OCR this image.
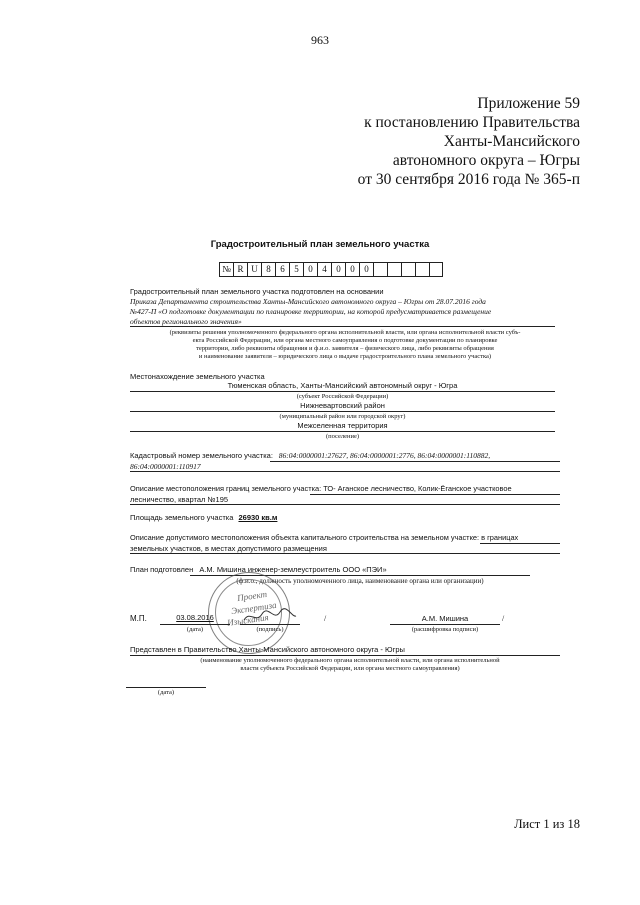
963
Приложение 59
к постановлению Правительства
Ханты-Мансийского
автономного округа – Югры
от 30 сентября 2016 года № 365-п
Градостроительный план земельного участка
№ R U 8	6	5	0	4	0	0	0
Градостроительный план земельного участка подготовлен на основании
Приказа Департамента строительства Ханты-Мансийского автономного округа – Югры от 28.07.2016 года
№427-П «О подготовке документации по планировке территории, на которой предусматривается размещение
объектов регионального значения»
(реквизиты решения уполномоченного федерального органа исполнительной власти, или органа исполнительной власти субъ-
екта Российской Федерации, или органа местного самоуправления о подготовке документации по планировке
территории, либо реквизиты обращения и ф.и.о. заявителя – физического лица, либо реквизиты обращения
и наименование заявителя – юридического лица о выдаче градостроительного плана земельного участка)
Местонахождение земельного участка
Тюменская область, Ханты-Мансийский автономный округ - Югра
(субъект Российской Федерации)
Нижневартовский район
(муниципальный район или городской округ)
Межселенная территория
(поселение)
Кадастровый номер земельного участка: 86:04:0000001:27627, 86:04:0000001:2776, 86:04:0000001:110882,
86:04:0000001:110917
Описание местоположения границ земельного участка: ТО- Аганское лесничество, Колик-Ёганское участковое
лесничество, квартал №195
Площадь земельного участка 26930 кв.м
Описание допустимого местоположения объекта капитального строительства на земельном участке: в границах
земельных участков, в местах допустимого размещения
План подготовлен А.М. Мишина инженер-землеустроитель ООО «ПЭИ»
(ф.и.о., должность уполномоченного лица, наименование органа или организации)
Проект
Экспертиза
Изыскания
М.П.	03.08.2016
(дата)	(подпись)
/	А.М. Мишина	/
(расшифровка подписи)
Представлен в Правительство Ханты-Мансийского автономного округа - Югры
(наименование уполномоченного федерального органа исполнительной власти, или органа исполнительной
власти субъекта Российской Федерации, или органа местного самоуправления)
(дата)
Лист 1 из 18
